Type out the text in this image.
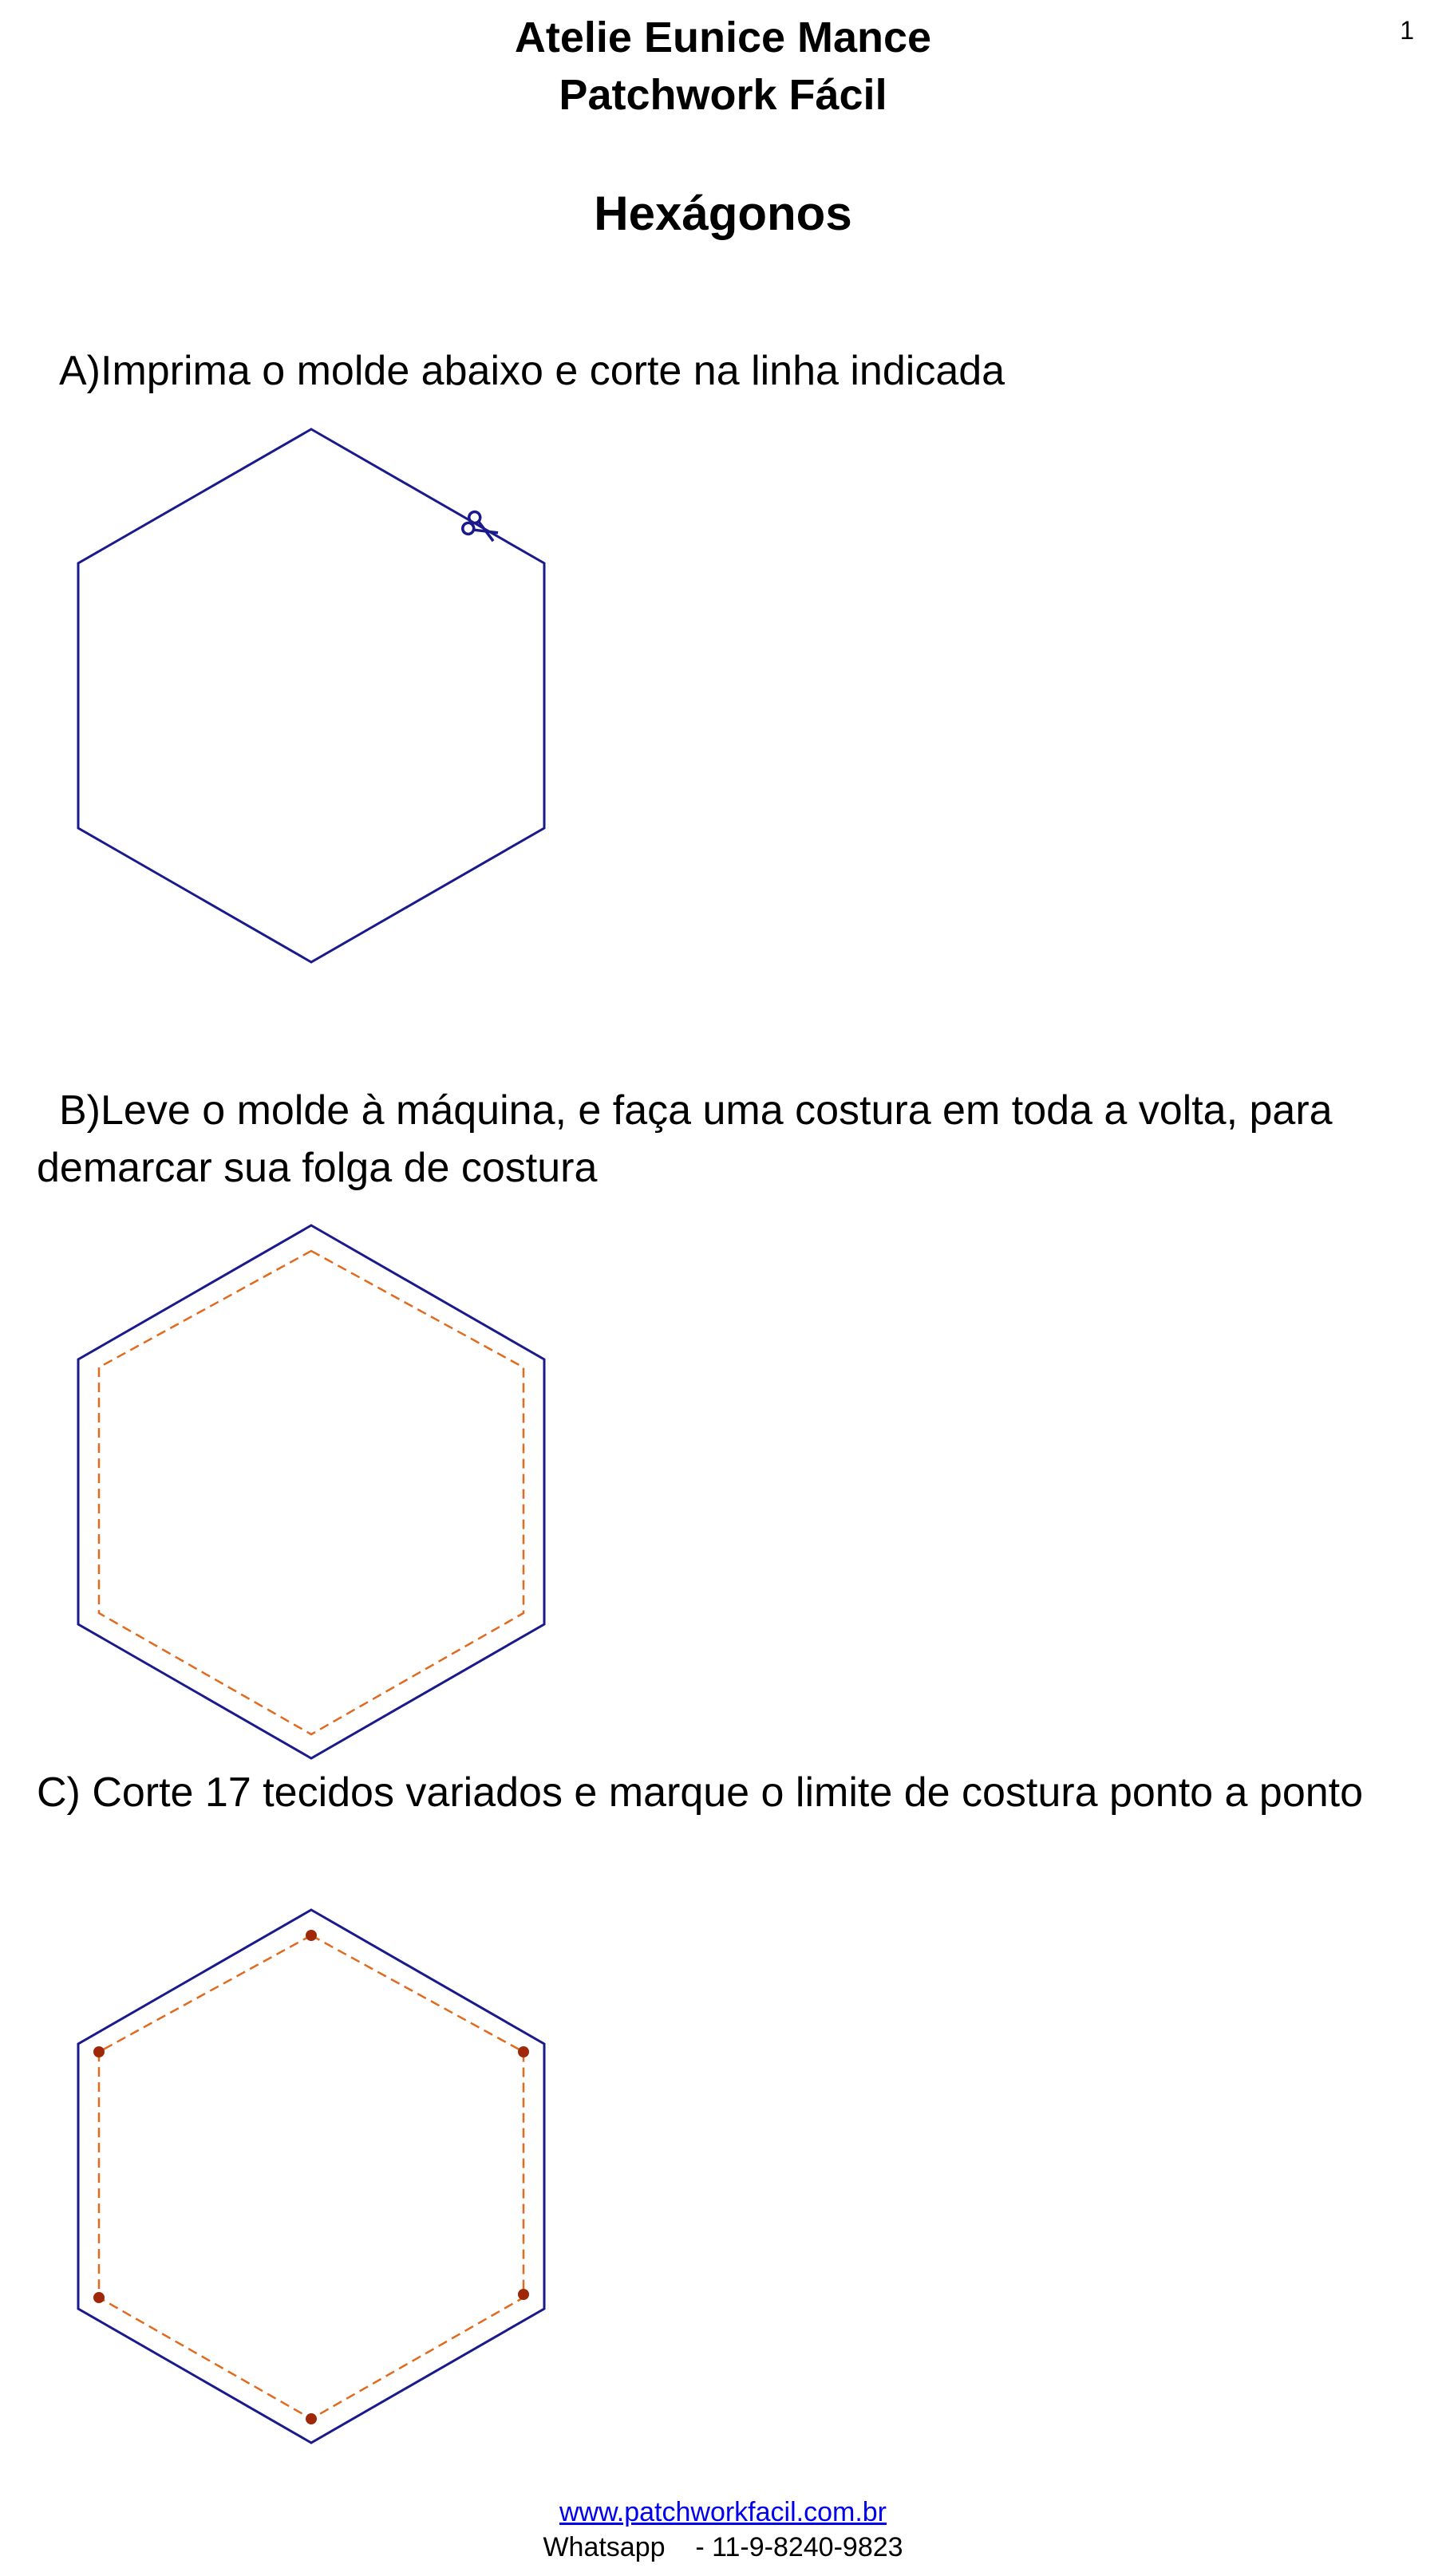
Atelie Eunice Mance
Patchwork Fácil
1
Hexágonos
A)Imprima o molde abaixo e corte na linha indicada
B)Leve o molde à máquina, e faça uma costura em toda a volta, para
demarcar sua folga de costura
C) Corte 17 tecidos variados e marque o limite de costura ponto a ponto
www.patchworkfacil.com.br
Whatsapp - 11-9-8240-9823
